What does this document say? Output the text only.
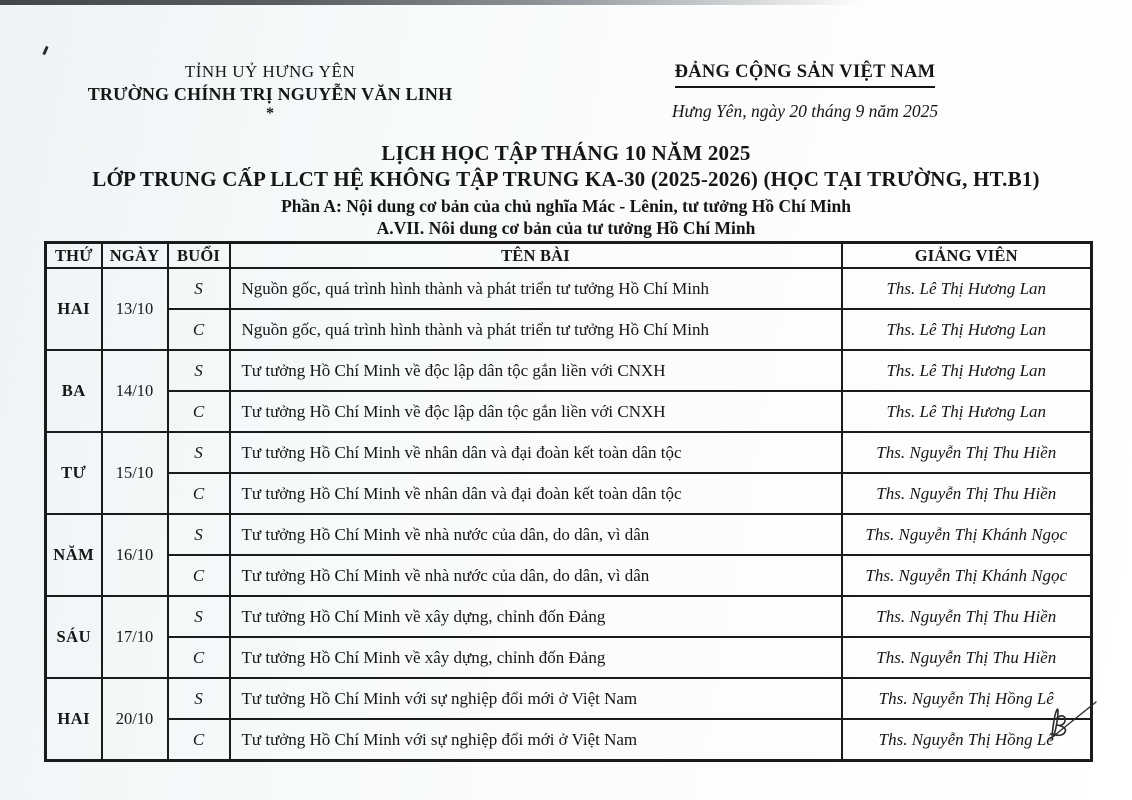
TỈNH UỶ HƯNG YÊN
TRƯỜNG CHÍNH TRỊ NGUYỄN VĂN LINH
*
ĐẢNG CỘNG SẢN VIỆT NAM
Hưng Yên, ngày 20 tháng 9 năm 2025
LỊCH HỌC TẬP THÁNG 10 NĂM 2025
LỚP TRUNG CẤP LLCT HỆ KHÔNG TẬP TRUNG KA-30 (2025-2026) (HỌC TẠI TRƯỜNG, HT.B1)
Phần A: Nội dung cơ bản của chủ nghĩa Mác - Lênin, tư tưởng Hồ Chí Minh
A.VII. Nôi dung cơ bản của tư tưởng Hồ Chí Minh
THỨ	NGÀY	BUỔI	TÊN BÀI	GIẢNG VIÊN
HAI	13/10	S	Nguồn gốc, quá trình hình thành và phát triển tư tưởng Hồ Chí Minh	Ths. Lê Thị Hương Lan
		C	Nguồn gốc, quá trình hình thành và phát triển tư tưởng Hồ Chí Minh	Ths. Lê Thị Hương Lan
BA	14/10	S	Tư tưởng Hồ Chí Minh về độc lập dân tộc gắn liền với CNXH	Ths. Lê Thị Hương Lan
		C	Tư tưởng Hồ Chí Minh về độc lập dân tộc gắn liền với CNXH	Ths. Lê Thị Hương Lan
TƯ	15/10	S	Tư tưởng Hồ Chí Minh về nhân dân và đại đoàn kết toàn dân tộc	Ths. Nguyễn Thị Thu Hiền
		C	Tư tưởng Hồ Chí Minh về nhân dân và đại đoàn kết toàn dân tộc	Ths. Nguyễn Thị Thu Hiền
NĂM	16/10	S	Tư tưởng Hồ Chí Minh về nhà nước của dân, do dân, vì dân	Ths. Nguyễn Thị Khánh Ngọc
		C	Tư tưởng Hồ Chí Minh về nhà nước của dân, do dân, vì dân	Ths. Nguyễn Thị Khánh Ngọc
SÁU	17/10	S	Tư tưởng Hồ Chí Minh về xây dựng, chỉnh đốn Đảng	Ths. Nguyễn Thị Thu Hiền
		C	Tư tưởng Hồ Chí Minh về xây dựng, chỉnh đốn Đảng	Ths. Nguyễn Thị Thu Hiền
HAI	20/10	S	Tư tưởng Hồ Chí Minh với sự nghiệp đổi mới ở Việt Nam	Ths. Nguyễn Thị Hồng Lê
		C	Tư tưởng Hồ Chí Minh với sự nghiệp đổi mới ở Việt Nam	Ths. Nguyễn Thị Hồng Lê
